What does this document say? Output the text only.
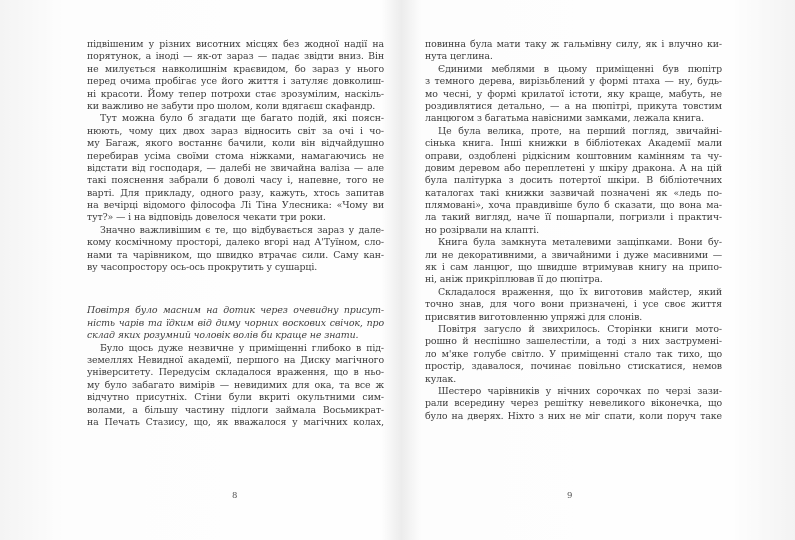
підвішеним у різних висотних місцях без жодної надії на
порятунок, а іноді — як-от зараз — падає звідти вниз. Він
не милується навколишнім краєвидом, бо зараз у нього
перед очима пробігає усе його життя і затуляє довколиш-
ні красоти. Йому тепер потрохи стає зрозумілим, наскіль-
ки важливо не забути про шолом, коли вдягаєш скафандр.
Тут можна було б згадати ще багато подій, які поясн-
нюють, чому цих двох зараз відносить світ за очі і чо-
му Багаж, якого востаннє бачили, коли він відчайдушно
перебирав усіма своїми стома ніжками, намагаючись не
відстати від господаря, — далебі не звичайна валіза — але
такі пояснення забрали б доволі часу і, напевне, того не
варті. Для прикладу, одного разу, кажуть, хтось запитав
на вечірці відомого філософа Лі Тіна Улесника: «Чому ви
тут?» — і на відповідь довелося чекати три роки.
Значно важливішим є те, що відбувається зараз у дале-
кому космічному просторі, далеко вгорі над А'Туїном, сло-
нами та чарівником, що швидко втрачає сили. Саму кан-
ву часопростору ось-ось прокрутить у сушарці.
Повітря було масним на дотик через очевидну присут-
ність чарів та їдким від диму чорних воскових свічок, про
склад яких розумний чоловік волів би краще не знати.
Було щось дуже незвичне у приміщенні глибоко в під-
земеллях Невидної академії, першого на Диску магічного
університету. Передусім складалося враження, що в ньо-
му було забагато вимірів — невидимих для ока, та все ж
відчутно присутніх. Стіни були вкриті окультними сим-
волами, а більшу частину підлоги займала Восьмикрат-
на Печать Стазису, що, як вважалося у магічних колах,
повинна була мати таку ж гальмівну силу, як і влучно ки-
нута цеглина.
Єдиними меблями в цьому приміщенні був пюпітр
з темного дерева, вирізьблений у формі птаха — ну, будь-
мо чесні, у формі крилатої істоти, яку краще, мабуть, не
роздивлятися детально, — а на пюпітрі, прикута товстим
ланцюгом з багатьма навісними замками, лежала книга.
Це була велика, проте, на перший погляд, звичайні-
сінька книга. Інші книжки в бібліотеках Академії мали
оправи, оздоблені рідкісним коштовним камінням та чу-
довим деревом або переплетені у шкіру дракона. А на цій
була палітурка з досить потертої шкіри. В бібліотечних
каталогах такі книжки зазвичай позначені як «ледь по-
плямовані», хоча правдивіше було б сказати, що вона ма-
ла такий вигляд, наче її пошарпали, погризли і практич-
но розірвали на клапті.
Книга була замкнута металевими защіпками. Вони бу-
ли не декоративними, а звичайними і дуже масивними —
як і сам ланцюг, що швидше втримував книгу на припо-
ні, аніж прикріплював її до пюпітра.
Складалося враження, що їх виготовив майстер, який
точно знав, для чого вони призначені, і усе своє життя
присвятив виготовленню упряжі для слонів.
Повітря загусло й звихрилось. Сторінки книги мото-
рошно й неспішно зашелестіли, а тоді з них заструмені-
ло м'яке голубе світло. У приміщенні стало так тихо, що
простір, здавалося, починає повільно стискатися, немов
кулак.
Шестеро чарівників у нічних сорочках по черзі зази-
рали всередину через решітку невеликого віконечка, що
було на дверях. Ніхто з них не міг спати, коли поруч таке
8	9
